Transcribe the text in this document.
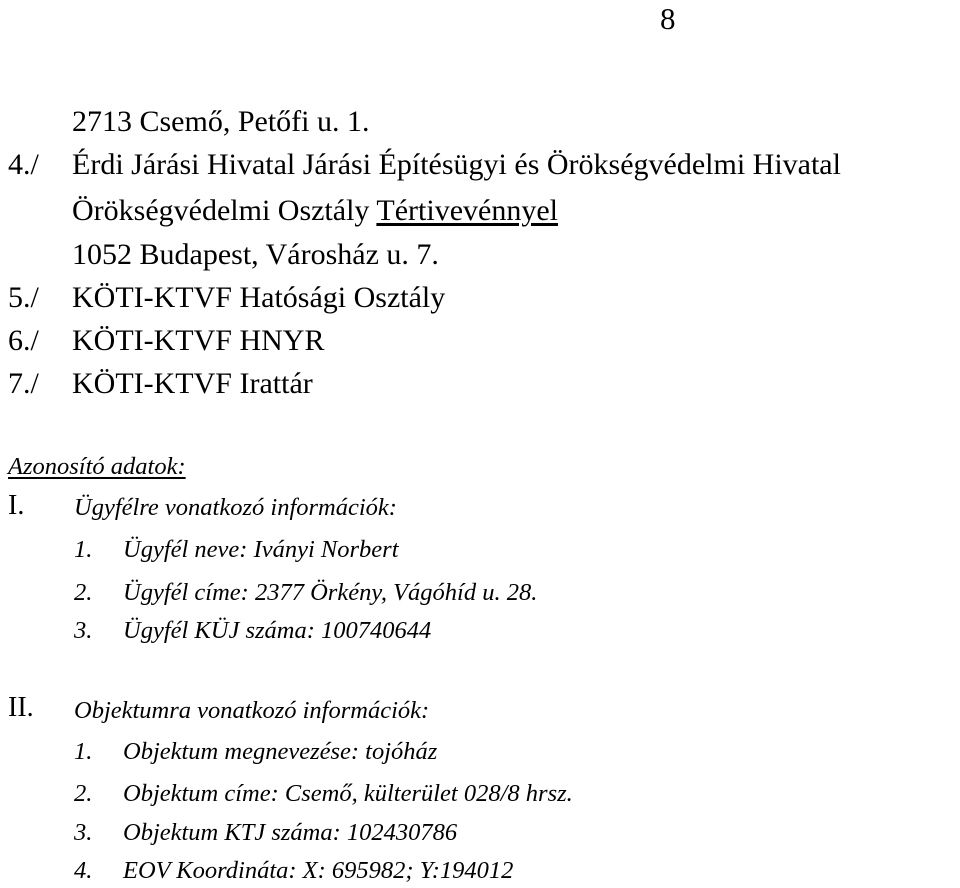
8
2713 Csemő, Petőfi u. 1.
4./ Érdi Járási Hivatal Járási Építésügyi és Örökségvédelmi Hivatal
Örökségvédelmi Osztály Tértivevénnyel
1052 Budapest, Városház u. 7.
5./ KÖTI-KTVF Hatósági Osztály
6./ KÖTI-KTVF HNYR
7./ KÖTI-KTVF Irattár
Azonosító adatok:
I. Ügyfélre vonatkozó információk:
1. Ügyfél neve: Iványi Norbert
2. Ügyfél címe: 2377 Örkény, Vágóhíd u. 28.
3. Ügyfél KÜJ száma: 100740644
II. Objektumra vonatkozó információk:
1. Objektum megnevezése: tojóház
2. Objektum címe: Csemő, külterület 028/8 hrsz.
3. Objektum KTJ száma: 102430786
4. EOV Koordináta: X: 695982; Y:194012
